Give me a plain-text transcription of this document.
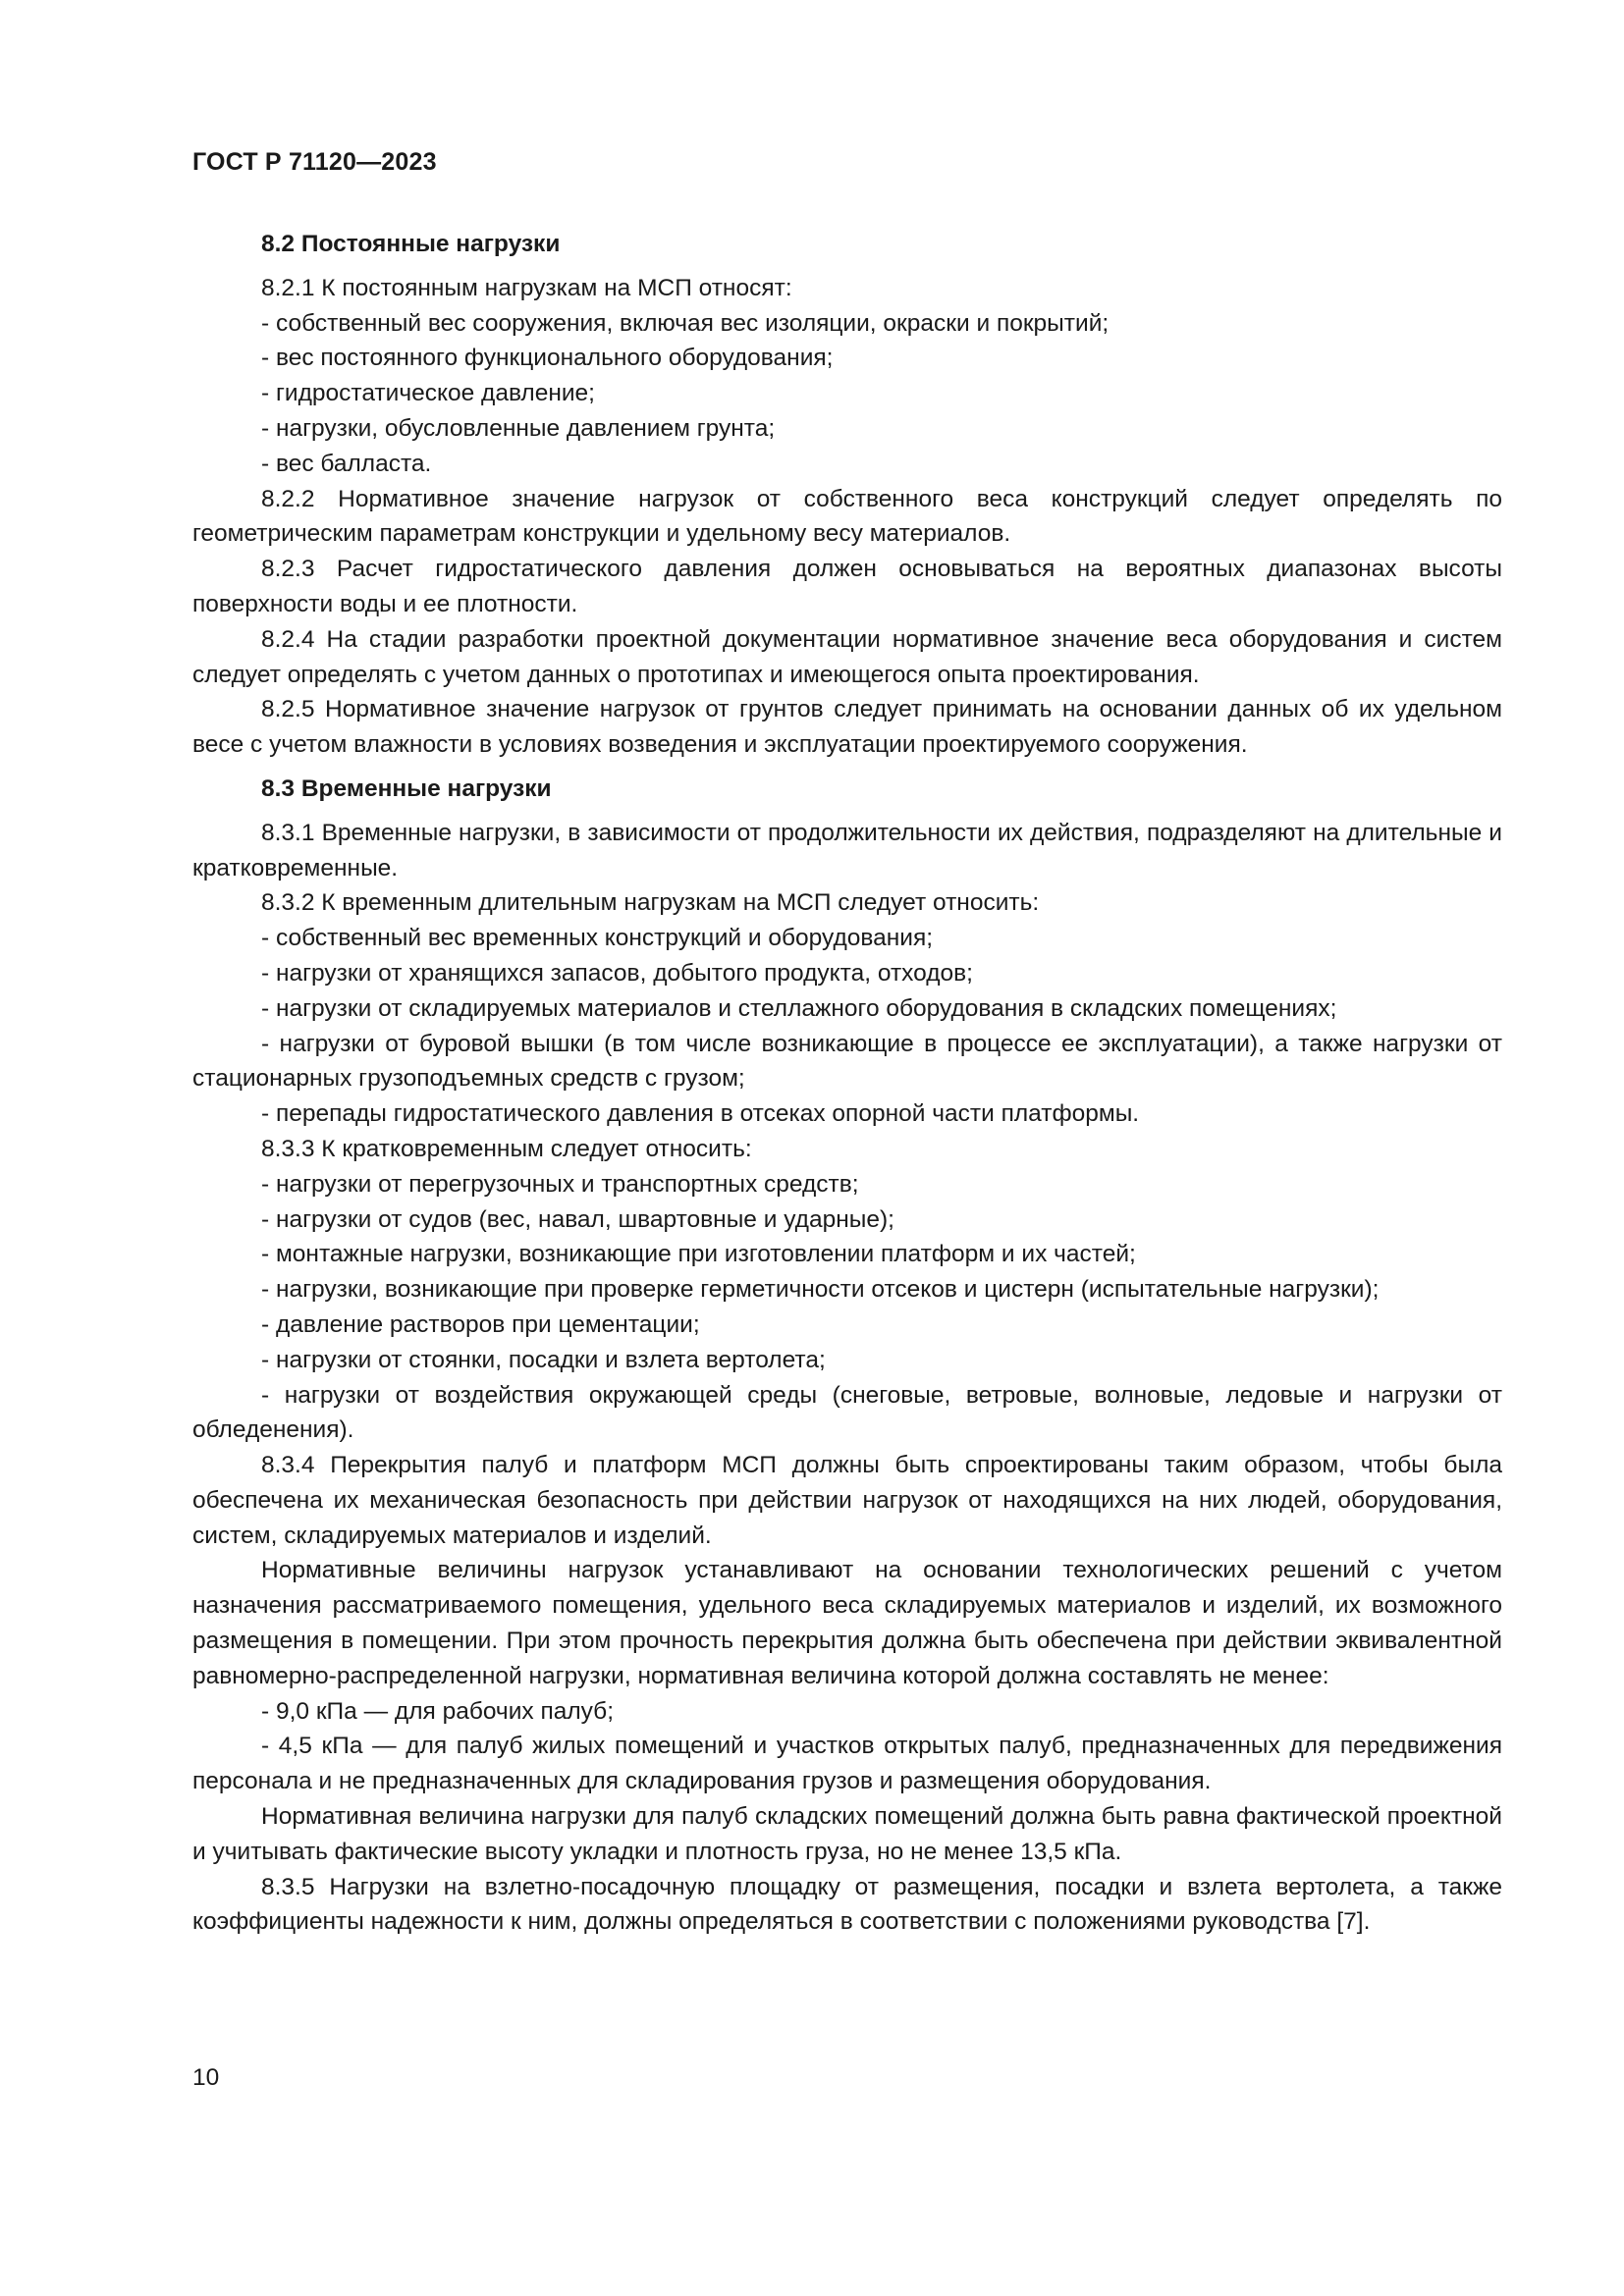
ГОСТ Р 71120—2023
8.2 Постоянные нагрузки

8.2.1 К постоянным нагрузкам на МСП относят:

- собственный вес сооружения, включая вес изоляции, окраски и покрытий;

- вес постоянного функционального оборудования;

- гидростатическое давление;

- нагрузки, обусловленные давлением грунта;

- вес балласта.

8.2.2 Нормативное значение нагрузок от собственного веса конструкций следует определять по геометрическим параметрам конструкции и удельному весу материалов.

8.2.3 Расчет гидростатического давления должен основываться на вероятных диапазонах высоты поверхности воды и ее плотности.

8.2.4 На стадии разработки проектной документации нормативное значение веса оборудования и систем следует определять с учетом данных о прототипах и имеющегося опыта проектирования.

8.2.5 Нормативное значение нагрузок от грунтов следует принимать на основании данных об их удельном весе с учетом влажности в условиях возведения и эксплуатации проектируемого сооружения.

8.3 Временные нагрузки

8.3.1 Временные нагрузки, в зависимости от продолжительности их действия, подразделяют на длительные и кратковременные.

8.3.2 К временным длительным нагрузкам на МСП следует относить:

- собственный вес временных конструкций и оборудования;

- нагрузки от хранящихся запасов, добытого продукта, отходов;

- нагрузки от складируемых материалов и стеллажного оборудования в складских помещениях;

- нагрузки от буровой вышки (в том числе возникающие в процессе ее эксплуатации), а также нагрузки от стационарных грузоподъемных средств с грузом;

- перепады гидростатического давления в отсеках опорной части платформы.

8.3.3 К кратковременным следует относить:

- нагрузки от перегрузочных и транспортных средств;

- нагрузки от судов (вес, навал, швартовные и ударные);

- монтажные нагрузки, возникающие при изготовлении платформ и их частей;

- нагрузки, возникающие при проверке герметичности отсеков и цистерн (испытательные нагрузки);

- давление растворов при цементации;

- нагрузки от стоянки, посадки и взлета вертолета;

- нагрузки от воздействия окружающей среды (снеговые, ветровые, волновые, ледовые и нагрузки от обледенения).

8.3.4 Перекрытия палуб и платформ МСП должны быть спроектированы таким образом, чтобы была обеспечена их механическая безопасность при действии нагрузок от находящихся на них людей, оборудования, систем, складируемых материалов и изделий.

Нормативные величины нагрузок устанавливают на основании технологических решений с учетом назначения рассматриваемого помещения, удельного веса складируемых материалов и изделий, их возможного размещения в помещении. При этом прочность перекрытия должна быть обеспечена при действии эквивалентной равномерно-распределенной нагрузки, нормативная величина которой должна составлять не менее:

- 9,0 кПа — для рабочих палуб;

- 4,5 кПа — для палуб жилых помещений и участков открытых палуб, предназначенных для передвижения персонала и не предназначенных для складирования грузов и размещения оборудования.

Нормативная величина нагрузки для палуб складских помещений должна быть равна фактической проектной и учитывать фактические высоту укладки и плотность груза, но не менее 13,5 кПа.

8.3.5 Нагрузки на взлетно-посадочную площадку от размещения, посадки и взлета вертолета, а также коэффициенты надежности к ним, должны определяться в соответствии с положениями руководства [7].

10
